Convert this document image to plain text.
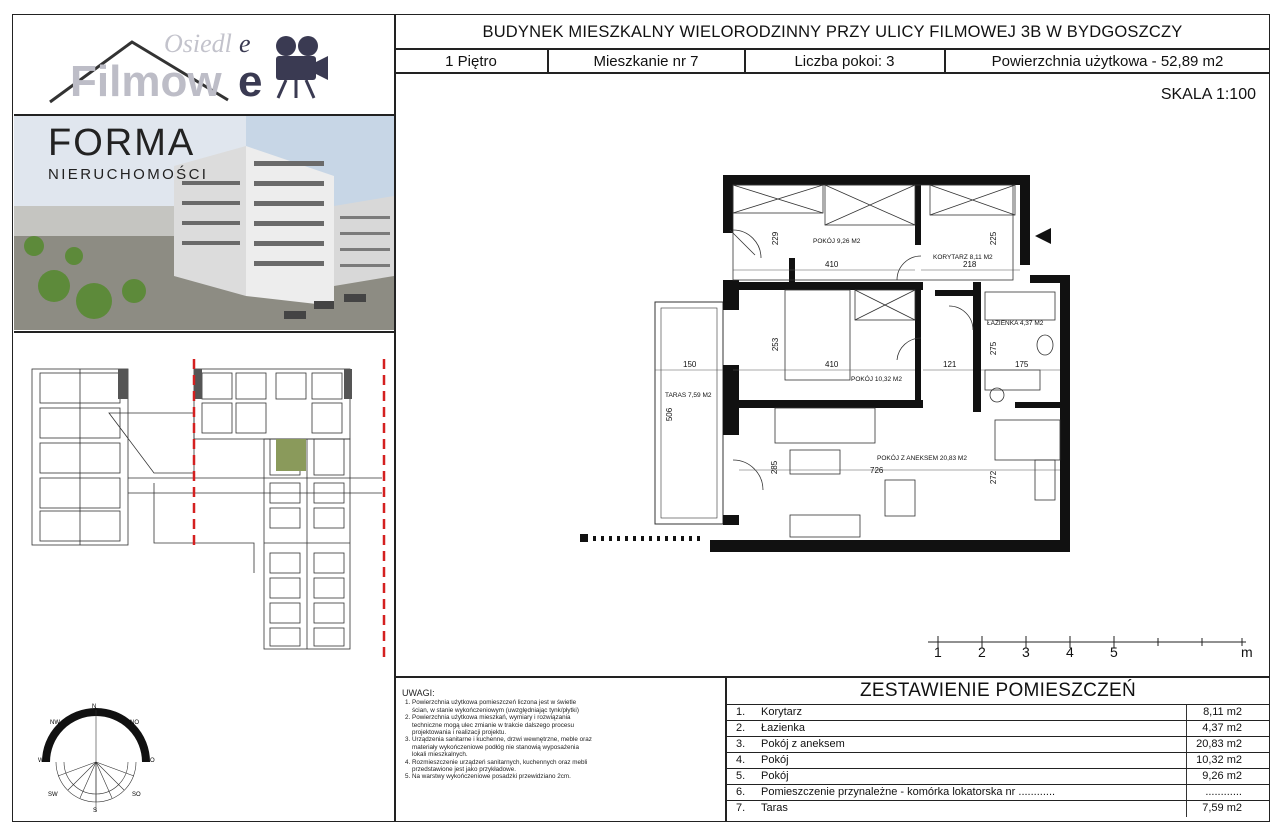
BUDYNEK MIESZKALNY WIELORODZINNY PRZY ULICY FILMOWEJ 3B W BYDGOSZCZY
1 Piętro	Mieszkanie nr 7	Liczba pokoi: 3	Powierzchnia użytkowa - 52,89 m2
SKALA 1:100
Osiedl e
Filmow e
FORMA
NIERUCHOMOŚCI
N
NO
O
SO
S
SW
W
NW
POKÓJ 9,26 M2
KORYTARZ 8,11 M2
ŁAZIENKA 4,37 M2
POKÓJ 10,32 M2
POKÓJ Z ANEKSEM 20,83 M2
TARAS 7,59 M2
229	225
410	218
253
410	121
275
175
150
506
726
285
272
1	2	3	4	5	m
UWAGI:
1. Powierzchnia użytkowa pomieszczeń liczona jest w świetle ścian, w stanie wykończeniowym (uwzględniając tynk/płytki)
2. Powierzchnia użytkowa mieszkań, wymiary i rozwiązania techniczne mogą ulec zmianie w trakcie dalszego procesu projektowania i realizacji projektu.
3. Urządzenia sanitarne i kuchenne, drzwi wewnętrzne, meble oraz materiały wykończeniowe podłóg nie stanowią wyposażenia lokali mieszkalnych.
4. Rozmieszczenie urządzeń sanitarnych, kuchennych oraz mebli przedstawione jest jako przykładowe.
5. Na warstwy wykończeniowe posadzki przewidziano 2cm.
ZESTAWIENIE POMIESZCZEŃ
1. Korytarz	8,11 m2
2. Łazienka	4,37 m2
3. Pokój z aneksem	20,83 m2
4. Pokój	10,32 m2
5. Pokój	9,26 m2
6. Pomieszczenie przynależne - komórka lokatorska nr ............	............
7. Taras	7,59 m2
